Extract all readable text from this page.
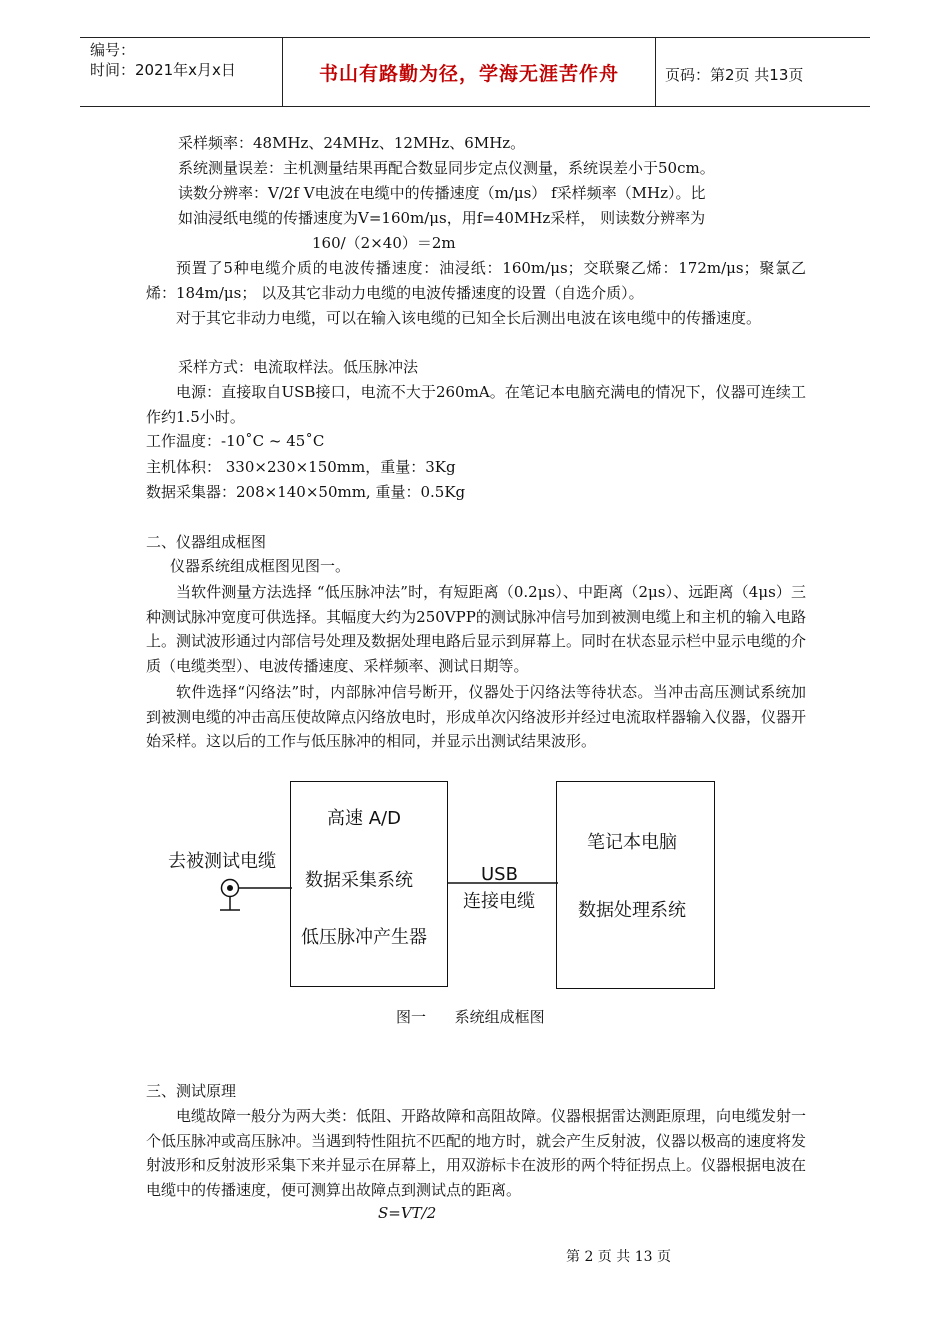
编号：
时间：2021年x月x日	书山有路勤为径，学海无涯苦作舟	页码：第2页 共13页
采样频率：48MHz、24MHz、12MHz、6MHz。
系统测量误差：主机测量结果再配合数显同步定点仪测量，系统误差小于50cm。
读数分辨率：V/2f V电波在电缆中的传播速度（m/μs） f采样频率（MHz）。比
如油浸纸电缆的传播速度为V=160m/μs，用f=40MHz采样， 则读数分辨率为
160/（2×40）＝2m

预置了5种电缆介质的电波传播速度：油浸纸：160m/μs；交联聚乙烯：172m/μs；聚氯乙烯：184m/μs； 以及其它非动力电缆的电波传播速度的设置（自选介质）。

对于其它非动力电缆，可以在输入该电缆的已知全长后测出电波在该电缆中的传播速度。

采样方式：电流取样法。低压脉冲法

电源：直接取自USB接口，电流不大于260mA。在笔记本电脑充满电的情况下，仪器可连续工作约1.5小时。

工作温度：-10˚C ~ 45˚C
主机体积： 330×230×150mm，重量：3Kg
数据采集器：208×140×50mm, 重量：0.5Kg
二、仪器组成框图
仪器系统组成框图见图一。

当软件测量方法选择 “低压脉冲法”时，有短距离（0.2μs）、中距离（2μs）、远距离（4μs）三种测试脉冲宽度可供选择。其幅度大约为250VPP的测试脉冲信号加到被测电缆上和主机的输入电路上。测试波形通过内部信号处理及数据处理电路后显示到屏幕上。同时在状态显示栏中显示电缆的介质（电缆类型）、电波传播速度、采样频率、测试日期等。

软件选择“闪络法”时，内部脉冲信号断开，仪器处于闪络法等待状态。当冲击高压测试系统加到被测电缆的冲击高压使故障点闪络放电时，形成单次闪络波形并经过电流取样器输入仪器，仪器开始采样。这以后的工作与低压脉冲的相同，并显示出测试结果波形。

去被测试电缆
高速 A/D
数据采集系统
低压脉冲产生器
USB
连接电缆
笔记本电脑
数据处理系统
图一      系统组成框图
三、测试原理

电缆故障一般分为两大类：低阻、开路故障和高阻故障。仪器根据雷达测距原理，向电缆发射一个低压脉冲或高压脉冲。当遇到特性阻抗不匹配的地方时，就会产生反射波，仪器以极高的速度将发射波形和反射波形采集下来并显示在屏幕上，用双游标卡在波形的两个特征拐点上。仪器根据电波在电缆中的传播速度，便可测算出故障点到测试点的距离。

S=VT/2
第 2 页 共 13 页
